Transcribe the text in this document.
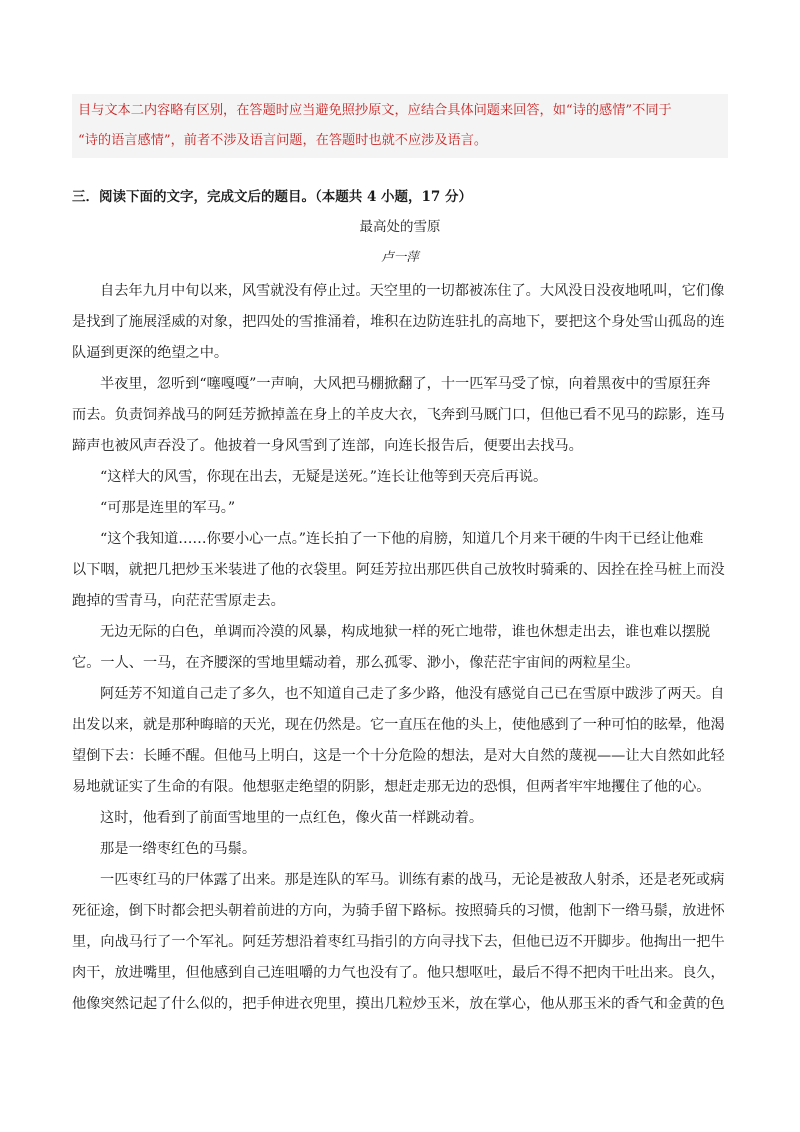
目与文本二内容略有区别，在答题时应当避免照抄原文，应结合具体问题来回答，如“诗的感情”不同于
“诗的语言感情”，前者不涉及语言问题，在答题时也就不应涉及语言。
三．阅读下面的文字，完成文后的题目。（本题共 4 小题，17 分）
最高处的雪原
卢一萍
自去年九月中旬以来，风雪就没有停止过。天空里的一切都被冻住了。大风没日没夜地吼叫，它们像
是找到了施展淫威的对象，把四处的雪推涌着，堆积在边防连驻扎的高地下，要把这个身处雪山孤岛的连
队逼到更深的绝望之中。
半夜里，忽听到“噻嘎嘎”一声响，大风把马棚掀翻了，十一匹军马受了惊，向着黑夜中的雪原狂奔
而去。负责饲养战马的阿廷芳掀掉盖在身上的羊皮大衣，飞奔到马厩门口，但他已看不见马的踪影，连马
蹄声也被风声吞没了。他披着一身风雪到了连部，向连长报告后，便要出去找马。
“这样大的风雪，你现在出去，无疑是送死。”连长让他等到天亮后再说。
“可那是连里的军马。”
“这个我知道……你要小心一点。”连长拍了一下他的肩膀，知道几个月来干硬的牛肉干已经让他难
以下咽，就把几把炒玉米装进了他的衣袋里。阿廷芳拉出那匹供自己放牧时骑乘的、因拴在拴马桩上而没
跑掉的雪青马，向茫茫雪原走去。
无边无际的白色，单调而冷漠的风暴，构成地狱一样的死亡地带，谁也休想走出去，谁也难以摆脱
它。一人、一马，在齐腰深的雪地里蠕动着，那么孤零、渺小，像茫茫宇宙间的两粒星尘。
阿廷芳不知道自己走了多久，也不知道自己走了多少路，他没有感觉自己已在雪原中跋涉了两天。自
出发以来，就是那种晦暗的天光，现在仍然是。它一直压在他的头上，使他感到了一种可怕的眩晕，他渴
望倒下去：长睡不醒。但他马上明白，这是一个十分危险的想法，是对大自然的蔑视——让大自然如此轻
易地就证实了生命的有限。他想驱走绝望的阴影，想赶走那无边的恐惧，但两者牢牢地攫住了他的心。
这时，他看到了前面雪地里的一点红色，像火苗一样跳动着。
那是一绺枣红色的马鬃。
一匹枣红马的尸体露了出来。那是连队的军马。训练有素的战马，无论是被敌人射杀，还是老死或病
死征途，倒下时都会把头朝着前进的方向，为骑手留下路标。按照骑兵的习惯，他割下一绺马鬃，放进怀
里，向战马行了一个军礼。阿廷芳想沿着枣红马指引的方向寻找下去，但他已迈不开脚步。他掏出一把牛
肉干，放进嘴里，但他感到自己连咀嚼的力气也没有了。他只想呕吐，最后不得不把肉干吐出来。良久，
他像突然记起了什么似的，把手伸进衣兜里，摸出几粒炒玉米，放在掌心，他从那玉米的香气和金黄的色
